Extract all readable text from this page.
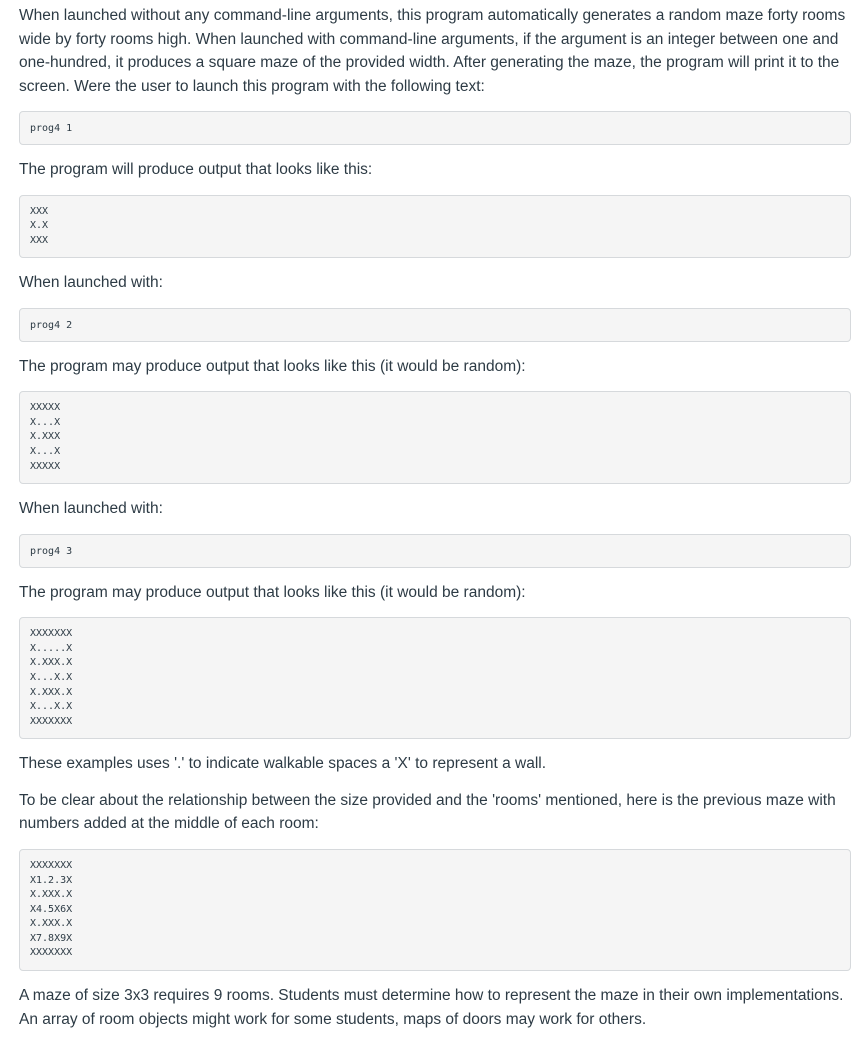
When launched without any command-line arguments, this program automatically generates a random maze forty rooms wide by forty rooms high. When launched with command-line arguments, if the argument is an integer between one and one-hundred, it produces a square maze of the provided width. After generating the maze, the program will print it to the screen. Were the user to launch this program with the following text:

prog4 1

The program will produce output that looks like this:

XXX
X.X
XXX

When launched with:

prog4 2

The program may produce output that looks like this (it would be random):

XXXXX
X...X
X.XXX
X...X
XXXXX

When launched with:

prog4 3

The program may produce output that looks like this (it would be random):

XXXXXXX
X.....X
X.XXX.X
X...X.X
X.XXX.X
X...X.X
XXXXXXX

These examples uses '.' to indicate walkable spaces a 'X' to represent a wall.

To be clear about the relationship between the size provided and the 'rooms' mentioned, here is the previous maze with numbers added at the middle of each room:

XXXXXXX
X1.2.3X
X.XXX.X
X4.5X6X
X.XXX.X
X7.8X9X
XXXXXXX

A maze of size 3x3 requires 9 rooms. Students must determine how to represent the maze in their own implementations. An array of room objects might work for some students, maps of doors may work for others.
